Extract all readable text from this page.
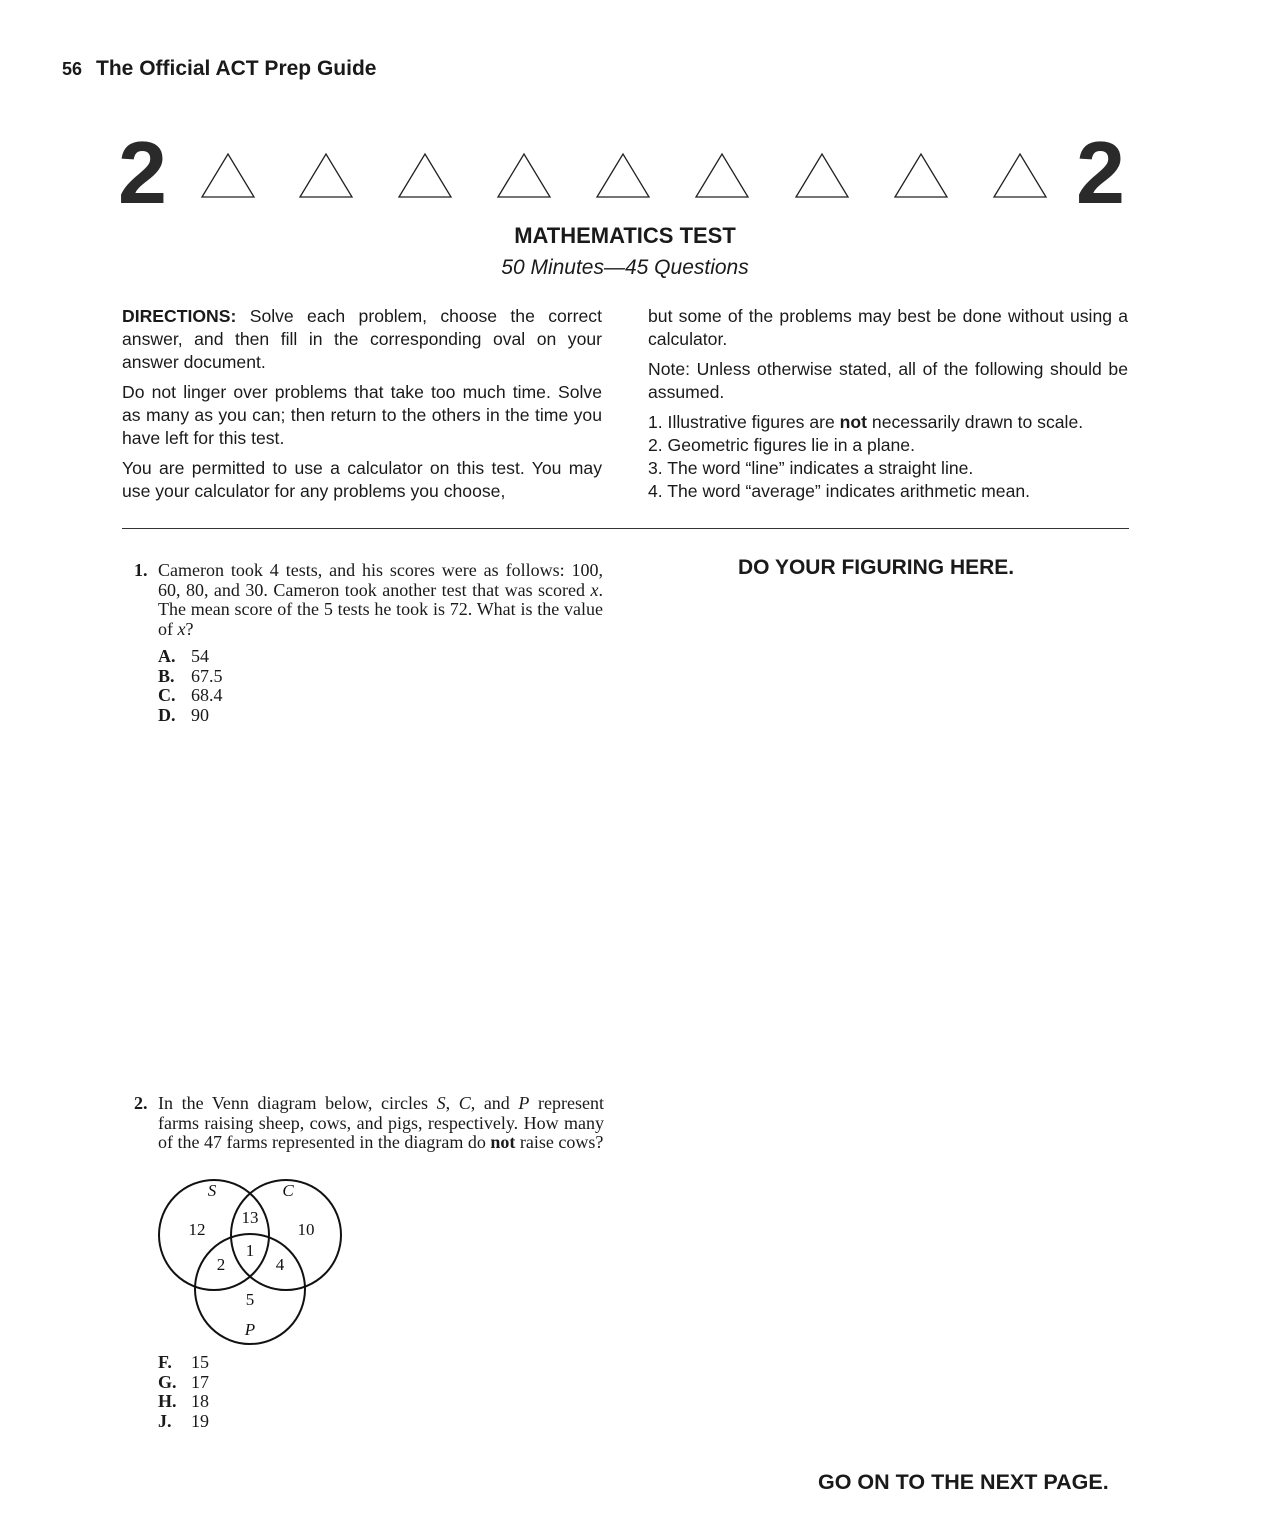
56 The Official ACT Prep Guide
2	2
MATHEMATICS TEST
50 Minutes—45 Questions

DIRECTIONS: Solve each problem, choose the correct answer, and then fill in the corresponding oval on your answer document.

Do not linger over problems that take too much time. Solve as many as you can; then return to the others in the time you have left for this test.

You are permitted to use a calculator on this test. You may use your calculator for any problems you choose,

but some of the problems may best be done without using a calculator.

Note: Unless otherwise stated, all of the following should be assumed.

1. Illustrative figures are not necessarily drawn to scale.
2. Geometric figures lie in a plane.
3. The word “line” indicates a straight line.
4. The word “average” indicates arithmetic mean.
DO YOUR FIGURING HERE.
1. Cameron took 4 tests, and his scores were as follows: 100, 60, 80, and 30. Cameron took another test that was scored x. The mean score of the 5 tests he took is 72. What is the value of x?
A. 54
B. 67.5
C. 68.4
D. 90
2. In the Venn diagram below, circles S, C, and P represent farms raising sheep, cows, and pigs, respectively. How many of the 47 farms represented in the diagram do not raise cows?
S	C
P
12
13
10
1
2	4
5
F.	15
G. 17
H. 18
J.	19
GO ON TO THE NEXT PAGE.
